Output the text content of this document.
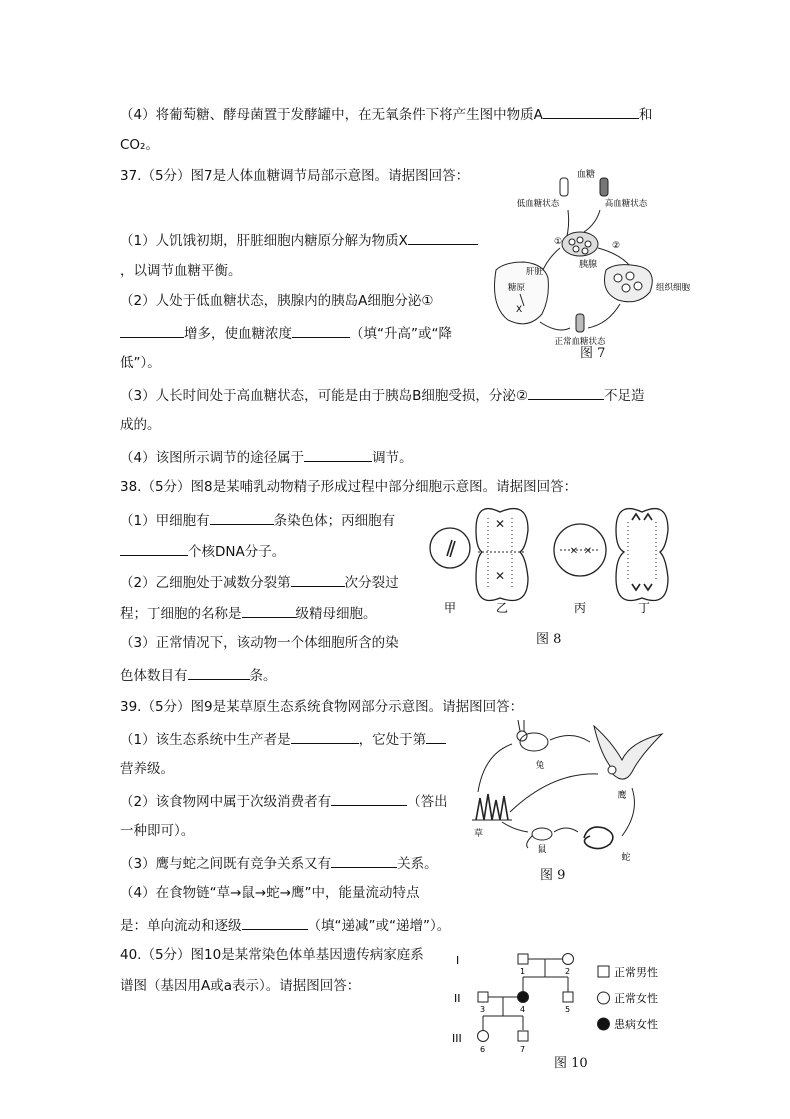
（4）将葡萄糖、酵母菌置于发酵罐中，在无氧条件下将产生图中物质A	和
CO₂。
37.（5分）图7是人体血糖调节局部示意图。请据图回答：
（1）人饥饿初期，肝脏细胞内糖原分解为物质X
，以调节血糖平衡。
（2）人处于低血糖状态，胰腺内的胰岛A细胞分泌①
增多，使血糖浓度	（填“升高”或“降
低”）。
（3）人长时间处于高血糖状态，可能是由于胰岛B细胞受损，分泌②	不足造
成的。
（4）该图所示调节的途径属于	调节。
血糖
低血糖状态	高血糖状态
胰腺
①	②
肝脏
糖原
X
组织细胞
正常血糖状态
图 7
38.（5分）图8是某哺乳动物精子形成过程中部分细胞示意图。请据图回答：
（1）甲细胞有	条染色体；丙细胞有
个核DNA分子。
（2）乙细胞处于减数分裂第	次分裂过
程；丁细胞的名称是	级精母细胞。
（3）正常情况下，该动物一个体细胞所含的染
色体数目有	条。
✕
✕
✕ ✕
甲	乙	丙	丁
图 8
39.（5分）图9是某草原生态系统食物网部分示意图。请据图回答：
（1）该生态系统中生产者是	，它处于第
营养级。
（2）该食物网中属于次级消费者有	（答出
一种即可）。
（3）鹰与蛇之间既有竞争关系又有	关系。
（4）在食物链“草→鼠→蛇→鹰”中，能量流动特点
是：单向流动和逐级	（填“递减”或“递增”）。
兔
鹰
草
鼠
蛇
图 9
40.（5分）图10是某常染色体单基因遗传病家庭系
谱图（基因用A或a表示）。请据图回答：
I
II
III
1	2
3	4	5
6	7
正常男性
正常女性
患病女性
图 10
